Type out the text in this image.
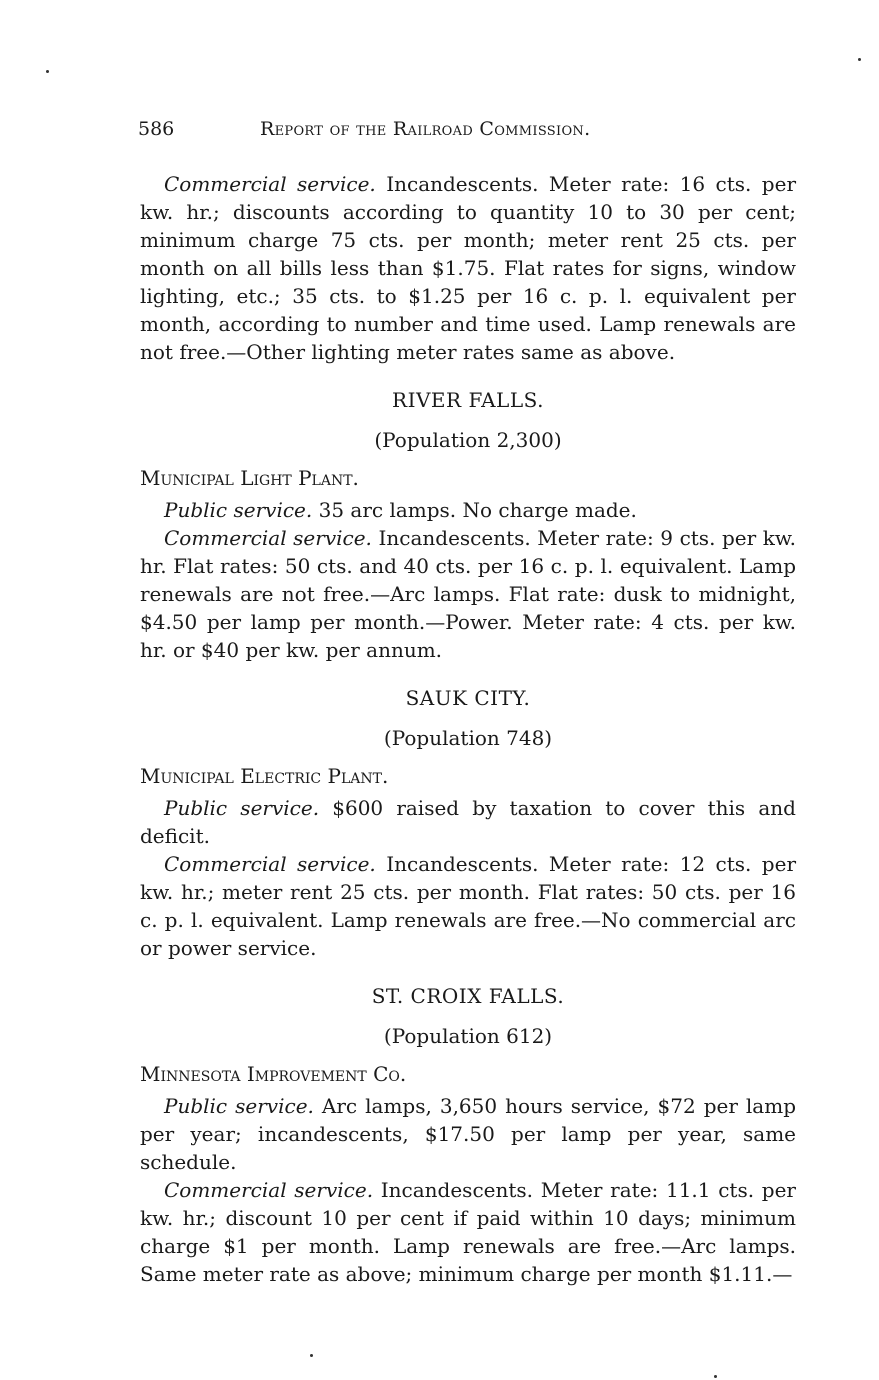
586	Report of the Railroad Commission.

Commercial service. Incandescents. Meter rate: 16 cts. per kw. hr.; discounts according to quantity 10 to 30 per cent; minimum charge 75 cts. per month; meter rent 25 cts. per month on all bills less than $1.75. Flat rates for signs, window lighting, etc.; 35 cts. to $1.25 per 16 c. p. l. equivalent per month, according to number and time used. Lamp renewals are not free.—Other lighting meter rates same as above.

RIVER FALLS.
(Population 2,300)
Municipal Light Plant.

Public service. 35 arc lamps. No charge made.

Commercial service. Incandescents. Meter rate: 9 cts. per kw. hr. Flat rates: 50 cts. and 40 cts. per 16 c. p. l. equivalent. Lamp renewals are not free.—Arc lamps. Flat rate: dusk to midnight, $4.50 per lamp per month.—Power. Meter rate: 4 cts. per kw. hr. or $40 per kw. per annum.

SAUK CITY.
(Population 748)
Municipal Electric Plant.

Public service. $600 raised by taxation to cover this and deficit.

Commercial service. Incandescents. Meter rate: 12 cts. per kw. hr.; meter rent 25 cts. per month. Flat rates: 50 cts. per 16 c. p. l. equivalent. Lamp renewals are free.—No commercial arc or power service.

ST. CROIX FALLS.
(Population 612)
Minnesota Improvement Co.

Public service. Arc lamps, 3,650 hours service, $72 per lamp per year; incandescents, $17.50 per lamp per year, same schedule.

Commercial service. Incandescents. Meter rate: 11.1 cts. per kw. hr.; discount 10 per cent if paid within 10 days; minimum charge $1 per month. Lamp renewals are free.—Arc lamps. Same meter rate as above; minimum charge per month $1.11.—
